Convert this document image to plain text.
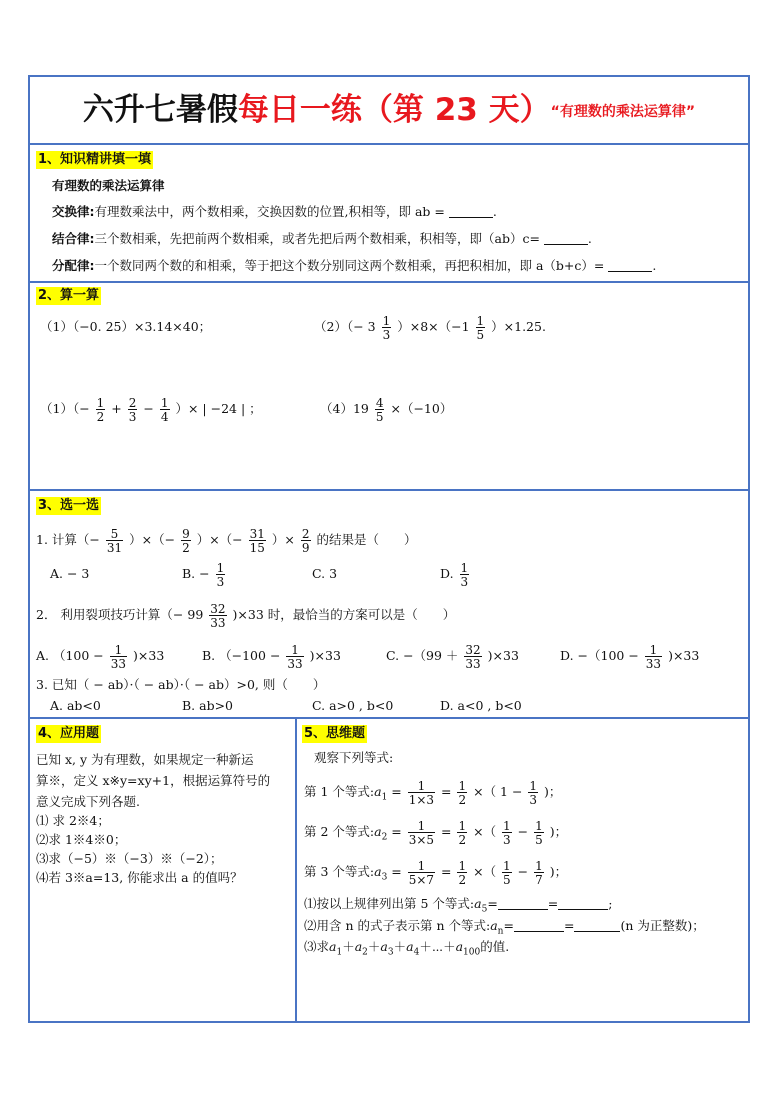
六升七暑假每日一练（第 23 天）“有理数的乘法运算律”
1、知识精讲填一填
有理数的乘法运算律
交换律:有理数乘法中，两个数相乘，交换因数的位置,积相等，即 ab =	.
结合律:三个数相乘，先把前两个数相乘，或者先把后两个数相乘，积相等，即（ab）c=	.
分配律:一个数同两个数的和相乘，等于把这个数分别同这两个数相乘，再把积相加，即 a（b+c）=	.
2、算一算
（1）（−0. 25）×3.14×40；	$(2)(- 3 \frac{1}{3} )\times 8\times(-1 \frac{1}{5} )\times 1.25$.
$(1)(- \frac{1}{2} + \frac{2}{3} - \frac{1}{4}$ ）× | −24 | ；	$(4)19 \frac{4}{5} \times(-10)$
3、选一选
1. 计算（− $\frac{5}{31}$ ）×（− $\frac{9}{2}$ ）×（− $\frac{31}{15}$ ）× $\frac{2}{9}$ 的结果是（　　）
A. − 3	B. − $\frac{1}{3}$	C. 3	D. $\frac{1}{3}$
2． 利用裂项技巧计算（− $99 \frac{32}{33} )\times 33$ 时，最恰当的方案可以是（　　）
A. $(100 - \frac{1}{33} )\times 33$	B. $(-100 - \frac{1}{33} )\times 33$	C. $-(99 + \frac{32}{33} )\times 33$	D. $-(100 - \frac{1}{33} )\times 33$
3. 已知（ − ab）·（ − ab）·（ − ab）>0, 则（　　）
A. ab<0	B. ab>0	C. a>0 , b<0	D. a<0 , b<0
4、应用题
已知 x, y 为有理数，如果规定一种新运
算※，定义 x※y=xy+1，根据运算符号的
意义完成下列各题.
⑴ 求 2※4；
⑵求 1※4※0；
⑶求（−5）※（−3）※（−2）；
⑷若 3※a=13, 你能求出 a 的值吗？
5、思维题
观察下列等式:
第 1 个等式$:a_1 = \frac{1}{1\times 3} = \frac{1}{2}$ ×（ $1 - \frac{1}{3}$ )；
第 2 个等式$:a_2 = \frac{1}{3\times 5} = \frac{1}{2}$ ×（ $\frac{1}{3} - \frac{1}{5}$ )；
第 3 个等式$:a_3 = \frac{1}{5\times 7} = \frac{1}{2}$ ×（ $\frac{1}{5} - \frac{1}{7}$ )；
⑴按以上规律列出第 5 个等式$:a_5=$	=	;
⑵用含 n 的式子表示第 n 个等式$:a_n=$	=	(n 为正整数)；
⑶求$a_1+a_2+a_3+a_4+\cdots+a_{100}$的值.
